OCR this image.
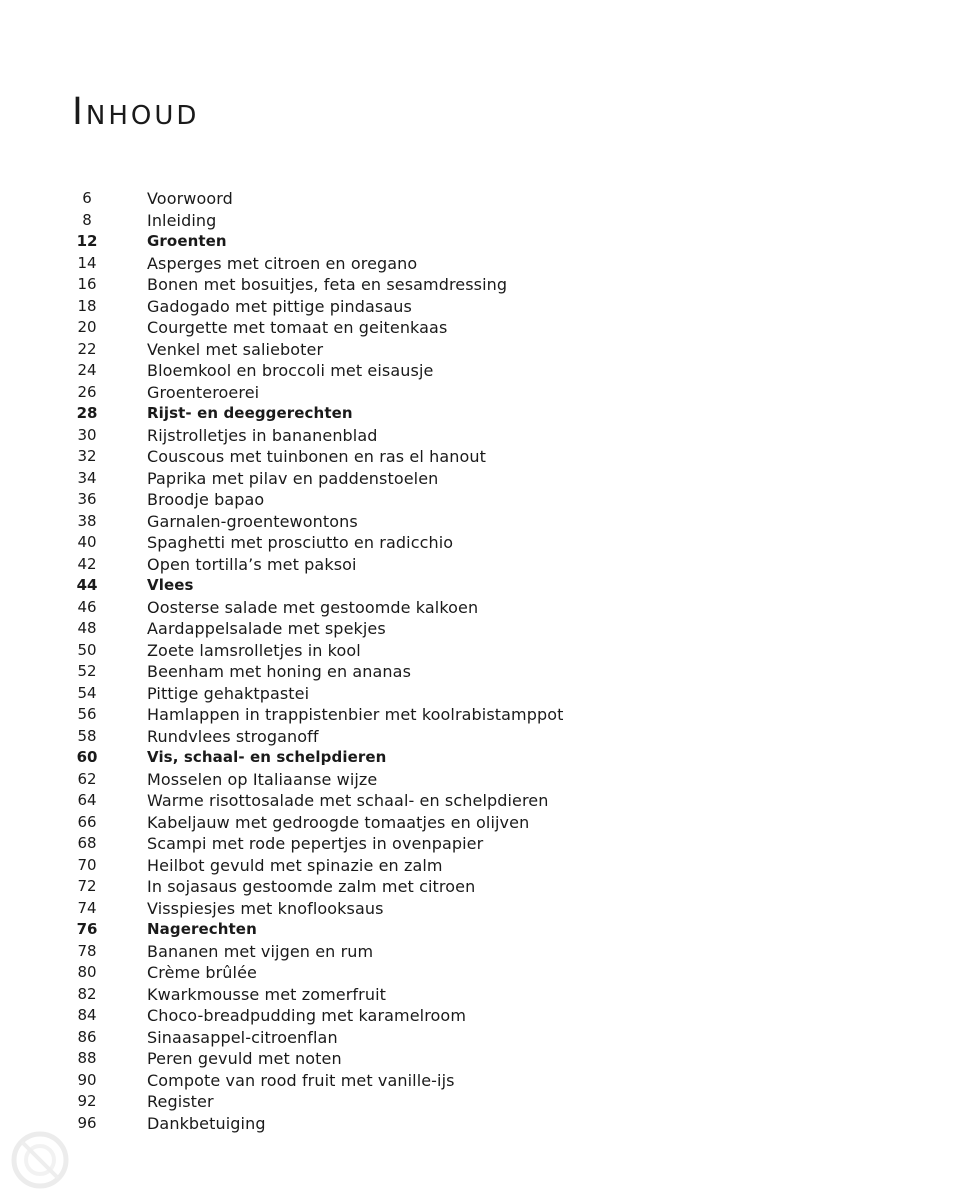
Inhoud
6	Voorwoord
8	Inleiding
12	Groenten
14	Asperges met citroen en oregano
16	Bonen met bosuitjes, feta en sesamdressing
18	Gadogado met pittige pindasaus
20	Courgette met tomaat en geitenkaas
22	Venkel met salieboter
24	Bloemkool en broccoli met eisausje
26	Groenteroerei
28	Rijst- en deeggerechten
30	Rijstrolletjes in bananenblad
32	Couscous met tuinbonen en ras el hanout
34	Paprika met pilav en paddenstoelen
36	Broodje bapao
38	Garnalen-groentewontons
40	Spaghetti met prosciutto en radicchio
42	Open tortilla’s met paksoi
44	Vlees
46	Oosterse salade met gestoomde kalkoen
48	Aardappelsalade met spekjes
50	Zoete lamsrolletjes in kool
52	Beenham met honing en ananas
54	Pittige gehaktpastei
56	Hamlappen in trappistenbier met koolrabistamppot
58	Rundvlees stroganoff
60	Vis, schaal- en schelpdieren
62	Mosselen op Italiaanse wijze
64	Warme risottosalade met schaal- en schelpdieren
66	Kabeljauw met gedroogde tomaatjes en olijven
68	Scampi met rode pepertjes in ovenpapier
70	Heilbot gevuld met spinazie en zalm
72	In sojasaus gestoomde zalm met citroen
74	Visspiesjes met knoflooksaus
76	Nagerechten
78	Bananen met vijgen en rum
80	Crème brûlée
82	Kwarkmousse met zomerfruit
84	Choco-breadpudding met karamelroom
86	Sinaasappel-citroenflan
88	Peren gevuld met noten
90	Compote van rood fruit met vanille-ijs
92	Register
96	Dankbetuiging
